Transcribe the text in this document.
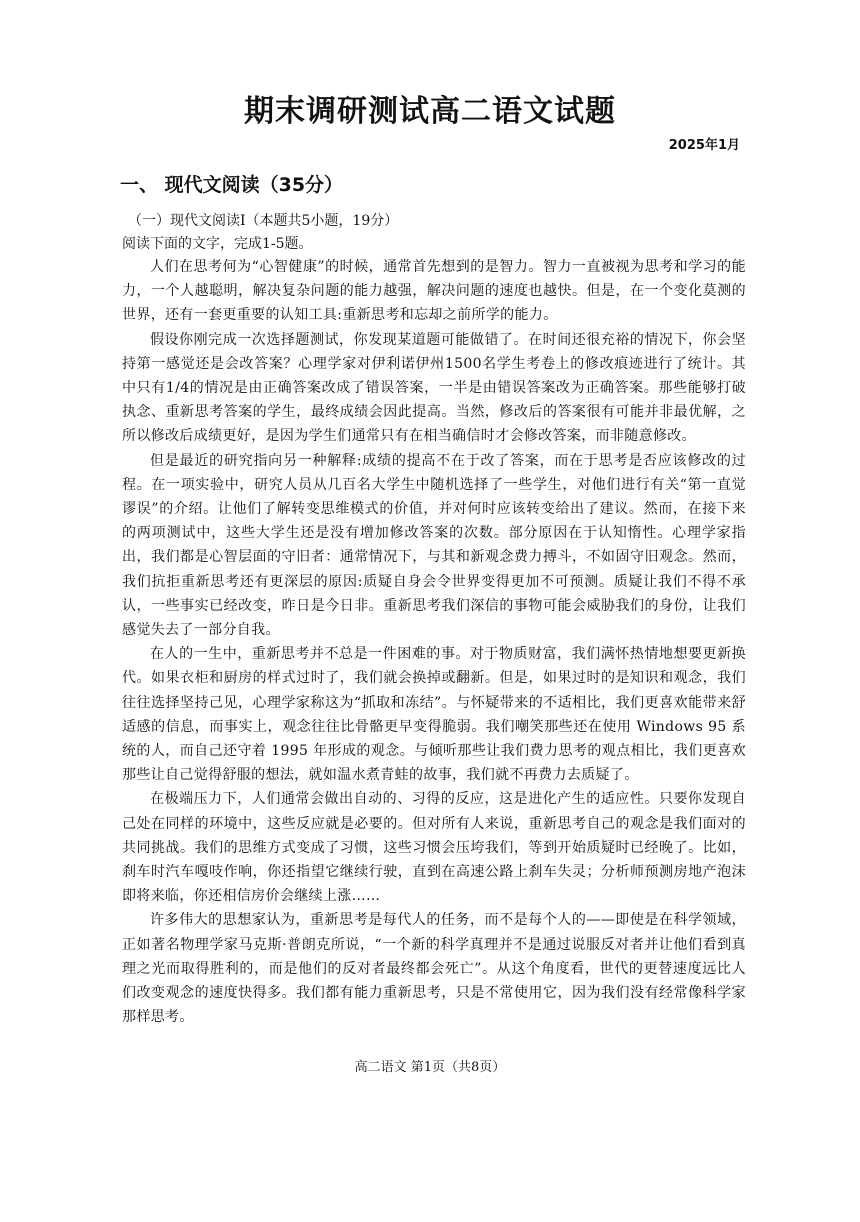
期末调研测试高二语文试题
2025年1月
一、 现代文阅读（35分）
（一）现代文阅读I（本题共5小题，19分）
阅读下面的文字，完成1-5题。

人们在思考何为“心智健康”的时候，通常首先想到的是智力。智力一直被视为思考和学习的能力，一个人越聪明，解决复杂问题的能力越强，解决问题的速度也越快。但是，在一个变化莫测的世界，还有一套更重要的认知工具:重新思考和忘却之前所学的能力。

假设你刚完成一次选择题测试，你发现某道题可能做错了。在时间还很充裕的情况下，你会坚持第一感觉还是会改答案？心理学家对伊利诺伊州1500名学生考卷上的修改痕迹进行了统计。其中只有1/4的情况是由正确答案改成了错误答案，一半是由错误答案改为正确答案。那些能够打破执念、重新思考答案的学生，最终成绩会因此提高。当然，修改后的答案很有可能并非最优解，之所以修改后成绩更好，是因为学生们通常只有在相当确信时才会修改答案，而非随意修改。

但是最近的研究指向另一种解释:成绩的提高不在于改了答案，而在于思考是否应该修改的过程。在一项实验中，研究人员从几百名大学生中随机选择了一些学生，对他们进行有关“第一直觉谬误”的介绍。让他们了解转变思维模式的价值，并对何时应该转变给出了建议。然而，在接下来的两项测试中，这些大学生还是没有增加修改答案的次数。部分原因在于认知惰性。心理学家指出，我们都是心智层面的守旧者：通常情况下，与其和新观念费力搏斗，不如固守旧观念。然而，我们抗拒重新思考还有更深层的原因:质疑自身会令世界变得更加不可预测。质疑让我们不得不承认，一些事实已经改变，昨日是今日非。重新思考我们深信的事物可能会威胁我们的身份，让我们感觉失去了一部分自我。

在人的一生中，重新思考并不总是一件困难的事。对于物质财富，我们满怀热情地想要更新换代。如果衣柜和厨房的样式过时了，我们就会换掉或翻新。但是，如果过时的是知识和观念，我们往往选择坚持己见，心理学家称这为“抓取和冻结”。与怀疑带来的不适相比，我们更喜欢能带来舒适感的信息，而事实上，观念往往比骨骼更早变得脆弱。我们嘲笑那些还在使用 Windows 95 系统的人，而自己还守着 1995 年形成的观念。与倾听那些让我们费力思考的观点相比，我们更喜欢那些让自己觉得舒服的想法，就如温水煮青蛙的故事，我们就不再费力去质疑了。

在极端压力下，人们通常会做出自动的、习得的反应，这是进化产生的适应性。只要你发现自己处在同样的环境中，这些反应就是必要的。但对所有人来说，重新思考自己的观念是我们面对的共同挑战。我们的思维方式变成了习惯，这些习惯会压垮我们，等到开始质疑时已经晚了。比如，刹车时汽车嘎吱作响，你还指望它继续行驶，直到在高速公路上刹车失灵；分析师预测房地产泡沫即将来临，你还相信房价会继续上涨……

许多伟大的思想家认为，重新思考是每代人的任务，而不是每个人的——即使是在科学领域，正如著名物理学家马克斯·普朗克所说，“一个新的科学真理并不是通过说服反对者并让他们看到真理之光而取得胜利的，而是他们的反对者最终都会死亡”。从这个角度看，世代的更替速度远比人们改变观念的速度快得多。我们都有能力重新思考，只是不常使用它，因为我们没有经常像科学家那样思考。

高二语文 第1页（共8页）
